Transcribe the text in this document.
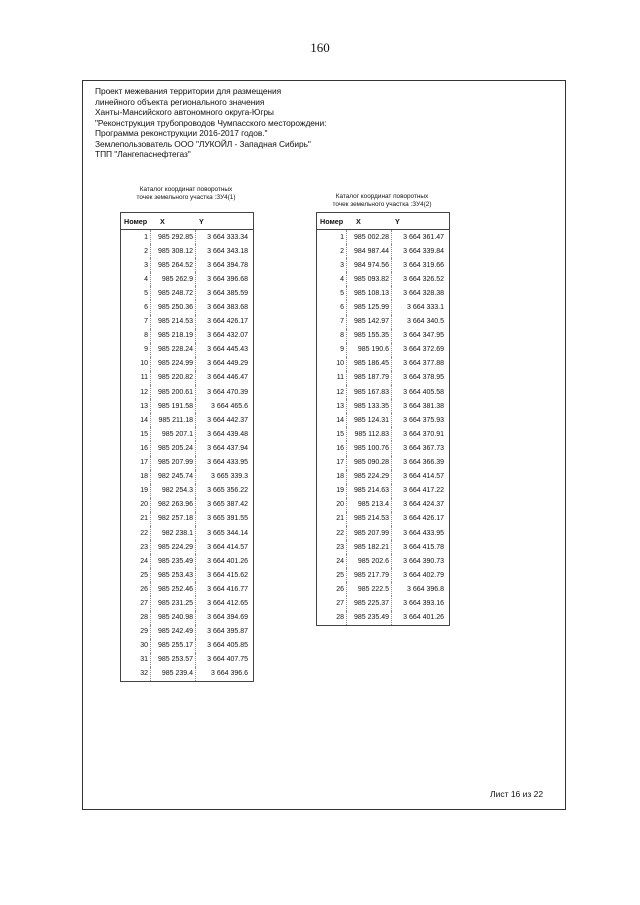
160
Проект межевания территории для размещения
линейного объекта регионального значения
Ханты-Мансийского автономного округа-Югры
"Реконструкция трубопроводов Чумпасского месторождени:
Программа реконструкции 2016-2017 годов."
Землепользователь ООО "ЛУКОЙЛ - Западная Сибирь"
ТПП "Лангепаснефтегаз"
Каталог координат поворотных
точек земельного участка :ЗУ4(1)	Каталог координат поворотных
точек земельного участка :ЗУ4(2)
Номер	X	Y
1	985 292.85	3 664 333.34
2	985 308.12	3 664 343.18
3	985 264.52	3 664 394.78
4	985 262.9	3 664 396.68
5	985 248.72	3 664 385.59
6	985 250.36	3 664 383.68
7	985 214.53	3 664 426.17
8	985 218.19	3 664 432.07
9	985 228.24	3 664 445.43
10	985 224.99	3 664 449.29
11	985 220.82	3 664 446.47
12	985 200.61	3 664 470.39
13	985 191.58	3 664 465.6
14	985 211.18	3 664 442.37
15	985 207.1	3 664 439.48
16	985 205.24	3 664 437.94
17	985 207.99	3 664 433.95
18	982 245.74	3 665 339.3
19	982 254.3	3 665 356.22
20	982 263.96	3 665 387.42
21	982 257.18	3 665 391.55
22	982 238.1	3 665 344.14
23	985 224.29	3 664 414.57
24	985 235.49	3 664 401.26
25	985 253.43	3 664 415.62
26	985 252.46	3 664 416.77
27	985 231.25	3 664 412.65
28	985 240.98	3 664 394.69
29	985 242.49	3 664 395.87
30	985 255.17	3 664 405.85
31	985 253.57	3 664 407.75
32	985 239.4	3 664 396.6
Номер	X	Y
1	985 002.28	3 664 361.47
2	984 987.44	3 664 339.84
3	984 974.56	3 664 319.66
4	985 093.82	3 664 326.52
5	985 108.13	3 664 328.38
6	985 125.99	3 664 333.1
7	985 142.97	3 664 340.5
8	985 155.35	3 664 347.95
9	985 190.6	3 664 372.69
10	985 186.45	3 664 377.88
11	985 187.79	3 664 378.95
12	985 167.83	3 664 405.58
13	985 133.35	3 664 381.38
14	985 124.31	3 664 375.93
15	985 112.83	3 664 370.91
16	985 100.76	3 664 367.73
17	985 090.28	3 664 366.39
18	985 224.29	3 664 414.57
19	985 214.63	3 664 417.22
20	985 213.4	3 664 424.37
21	985 214.53	3 664 426.17
22	985 207.99	3 664 433.95
23	985 182.21	3 664 415.78
24	985 202.6	3 664 390.73
25	985 217.79	3 664 402.79
26	985 222.5	3 664 396.8
27	985 225.37	3 664 393.16
28	985 235.49	3 664 401.26
Лист 16 из 22
